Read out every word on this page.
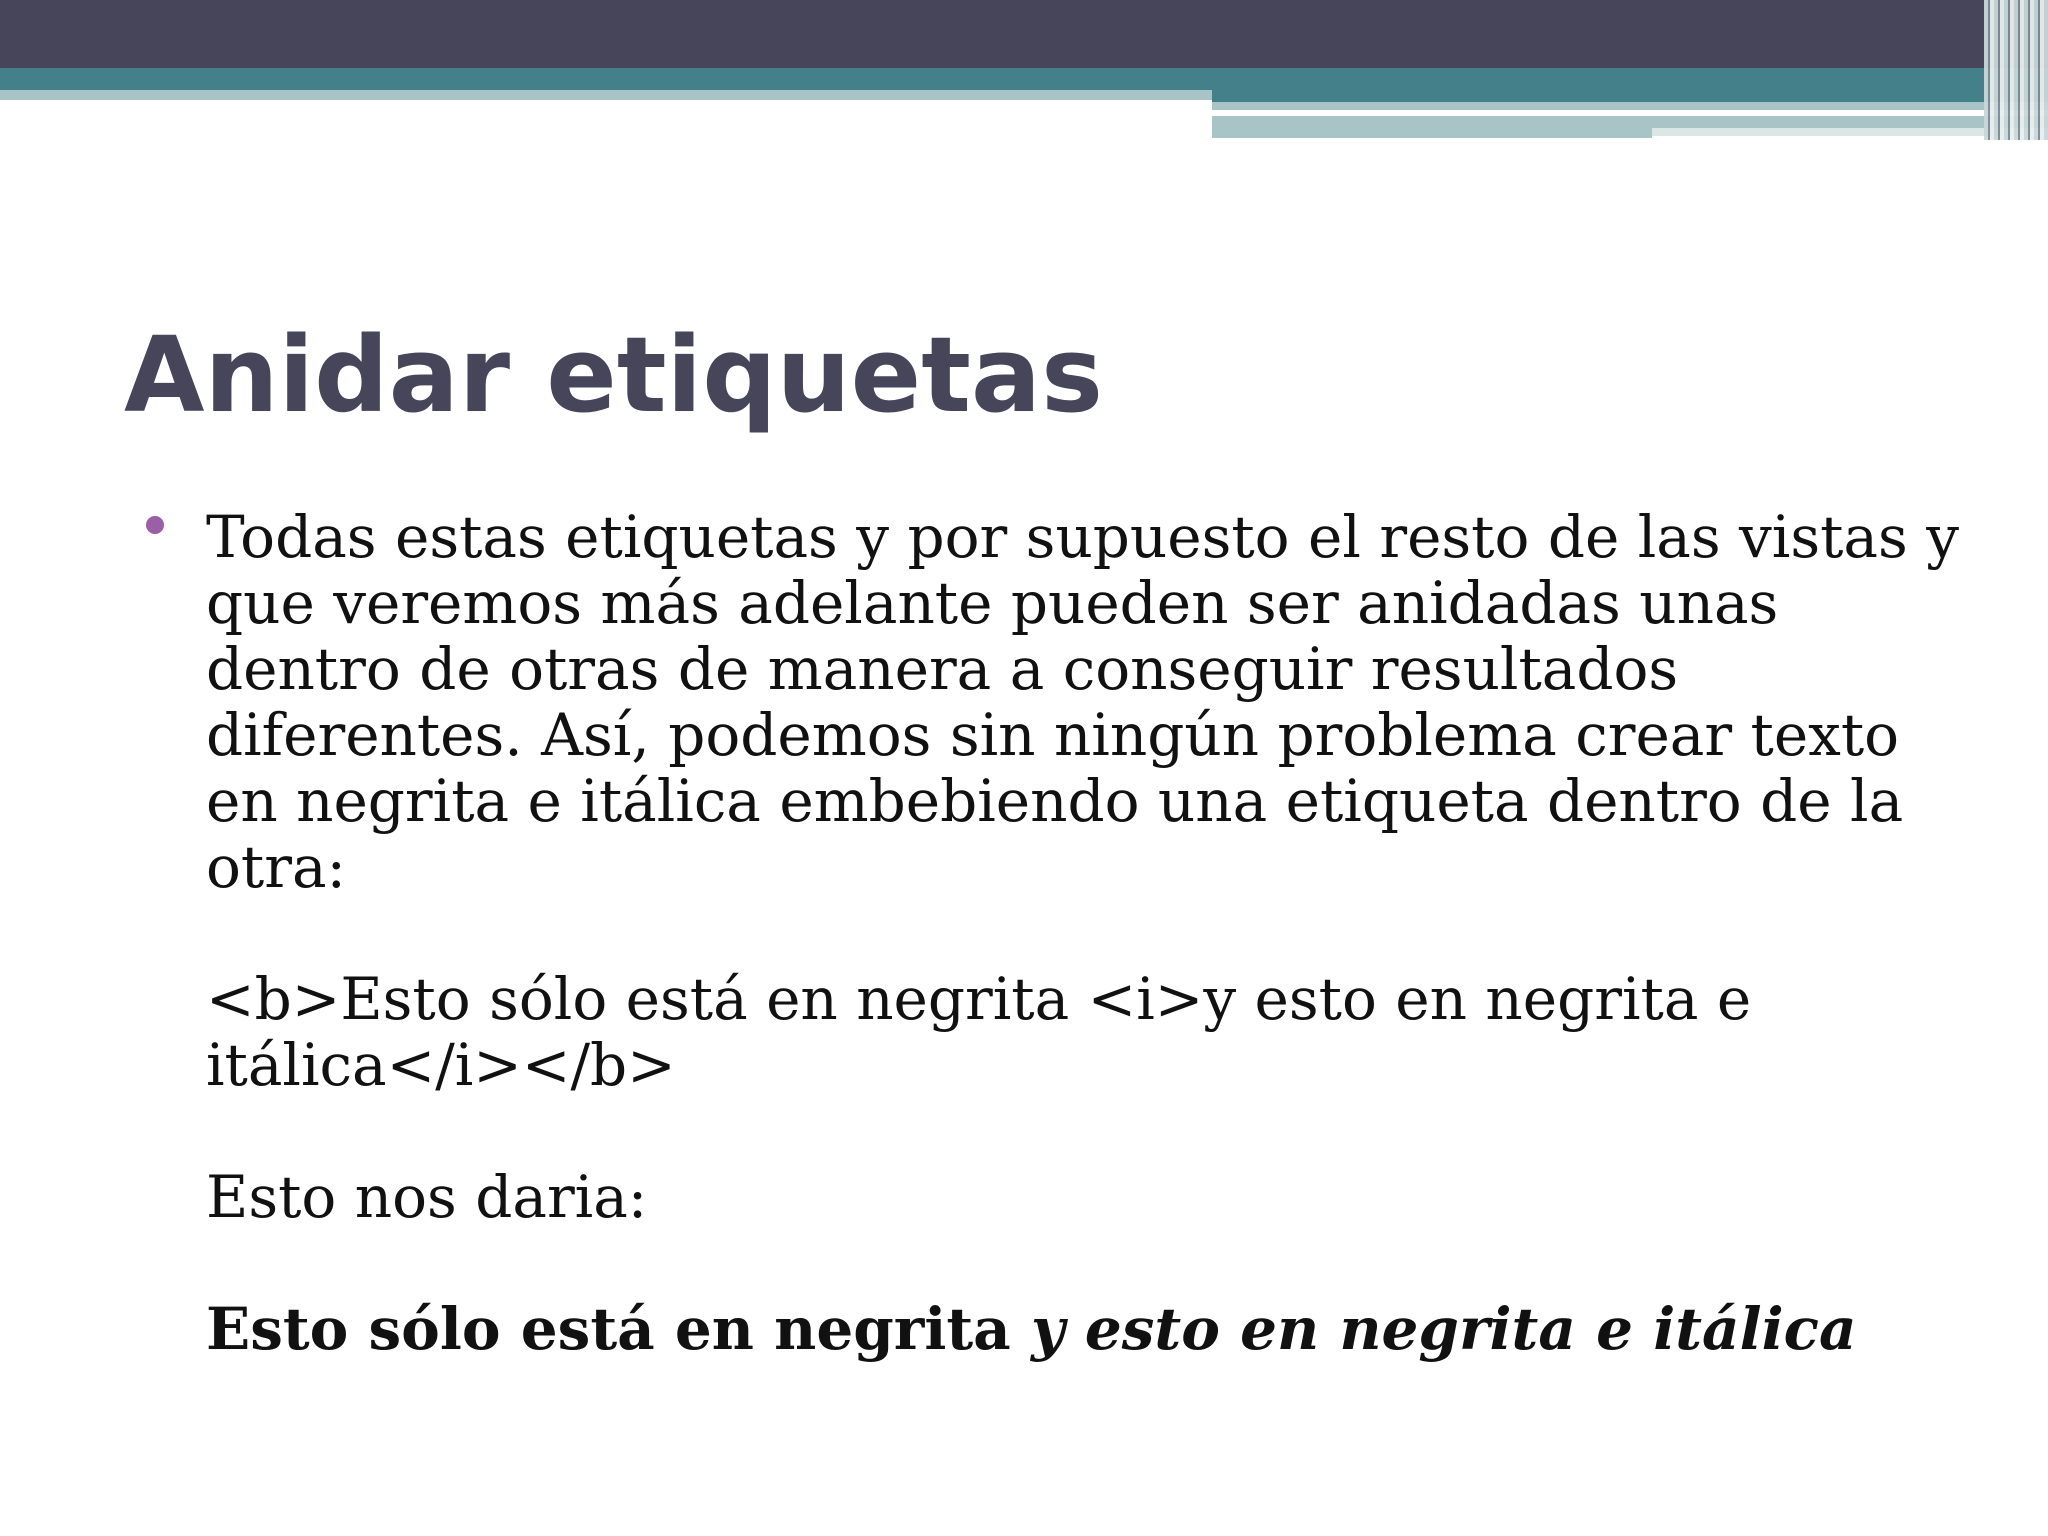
Anidar etiquetas

Todas estas etiquetas y por supuesto el resto de las vistas y que veremos más adelante pueden ser anidadas unas dentro de otras de manera a conseguir resultados diferentes. Así, podemos sin ningún problema crear texto en negrita e itálica embebiendo una etiqueta dentro de la otra:

<b>Esto sólo está en negrita <i>y esto en negrita e itálica</i></b>

Esto nos daria:

Esto sólo está en negrita y esto en negrita e itálica
